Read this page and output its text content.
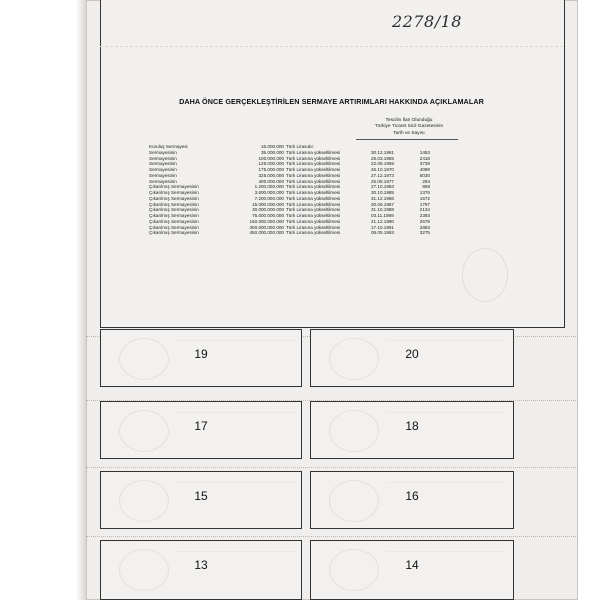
2278/18
DAHA ÖNCE GERÇEKLEŞTİRİLEN SERMAYE ARTIRIMLARI HAKKINDA AÇIKLAMALAR
Tescilin İlan Olunduğu
Türkiye Ticaret Sicil Gazetesinin
Tarih ve Sayısı
Kuruluş Sermayesi	16.000.000 Türk Lirasıdır.
Sermayesinin	35.000.000 Türk Lirasına yükseltilmesi	30.12.1961	1453
Sermayesinin	100.000.000 Türk Lirasına yükseltilmesi	25.03.1965	2418
Sermayesinin	125.000.000 Türk Lirasına yükseltilmesi	22.08.1969	3738
Sermayesinin	175.000.000 Türk Lirasına yükseltilmesi	26.10.1970	4089
Sermayesinin	325.000.000 Türk Lirasına yükseltilmesi	27.12.1973	5030
Sermayesinin	400.000.000 Türk Lirasına yükseltilmesi	25.08.1977	294
Çıkarılmış Sermayesinin	1.200.000.000 Türk Lirasına yükseltilmesi	27.10.1983	868
Çıkarılmış Sermayesinin	3.600.000.000 Türk Lirasına yükseltilmesi	30.10.1985	1376
Çıkarılmış Sermayesinin	7.200.000.000 Türk Lirasına yükseltilmesi	31.12.1986	1672
Çıkarılmış Sermayesinin	15.000.000.000 Türk Lirasına yükseltilmesi	30.06.1987	1797
Çıkarılmış Sermayesinin	30.000.000.000 Türk Lirasına yükseltilmesi	31.10.1988	2134
Çıkarılmış Sermayesinin	75.000.000.000 Türk Lirasına yükseltilmesi	03.11.1989	2393
Çıkarılmış Sermayesinin	150.000.000.000 Türk Lirasına yükseltilmesi	21.12.1990	2678
Çıkarılmış Sermayesinin	300.000.000.000 Türk Lirasına yükseltilmesi	17.10.1991	2883
Çıkarılmış Sermayesinin	450.000.000.000 Türk Lirasına yükseltilmesi	06.05.1993	3275
19	20
17	18
15	16
13	14
